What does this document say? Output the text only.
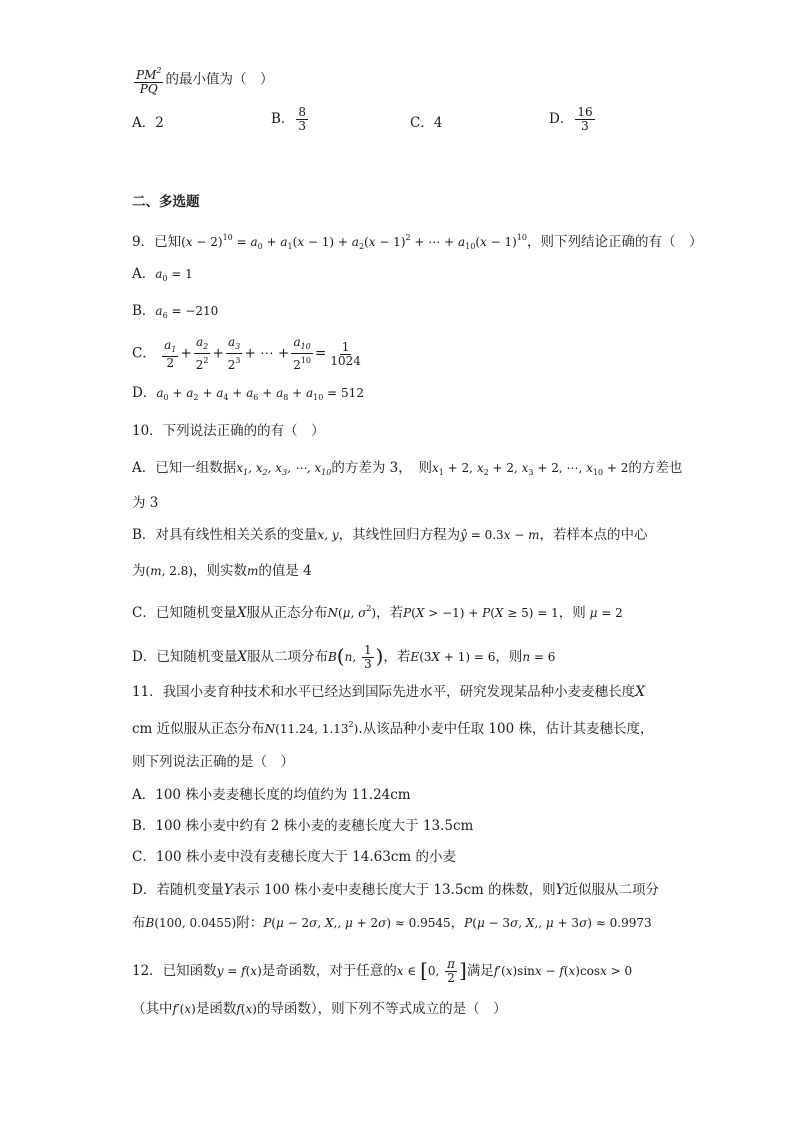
$\frac{PM^2}{PQ}$ 的最小值为（　）
A．2	B． $\frac{8}{3}$	C．4	D． $\frac{16}{3}$
二、多选题
9．已知$(x - 2)^{10} = a_0 + a_1(x - 1) + a_2(x - 1)^2$ + ⋯ + $a_{10}(x - 1)^{10}$，则下列结论正确的有（　）
A．$a_0 = 1$
B．$a_6 = -210$
C． $\frac{a_1}{2} + \frac{a_2}{2^2} + \frac{a_3}{2^3}$ + ⋯ + $\frac{a_{10}}{2^{10}} = \frac{1}{1024}$
D．$a_0 + a_2 + a_4 + a_6 + a_8 + a_{10} = 512$
10．下列说法正确的的有（　）
A．已知一组数据$x_1$, $x_2$, $x_3$, ⋯, $x_{10}$的方差为 3，　则$x_1 + 2$, $x_2 + 2$, $x_3 + 2$, ⋯, $x_{10} + 2$的方差也
为 3
B．对具有线性相关关系的变量x, y，其线性回归方程为ŷ = 0.3x − m，若样本点的中心
为(m, 2.8)，则实数m的值是 4
C．已知随机变量X服从正态分布N(μ, $\sigma^2$)，若P(X > −1) + P(X ≥ 5) = 1，则 μ = 2
D．已知随机变量X服从二项分布B(n, $\frac{1}{3}$ )，若E(3X + 1) = 6，则n = 6
11．我国小麦育种技术和水平已经达到国际先进水平，研究发现某品种小麦麦穗长度X
cm 近似服从正态分布N(11.24, 1.13$^2$).从该品种小麦中任取 100 株，估计其麦穗长度，
则下列说法正确的是（　）
A．100 株小麦麦穗长度的均值约为 11.24cm
B．100 株小麦中约有 2 株小麦的麦穗长度大于 13.5cm
C．100 株小麦中没有麦穗长度大于 14.63cm 的小麦
D．若随机变量Y表示 100 株小麦中麦穗长度大于 13.5cm 的株数，则Y近似服从二项分
布B(100, 0.0455)附：P(μ − 2σ, X,, μ + 2σ) ≈ 0.9545，P(μ − 3σ, X,, μ + 3σ) ≈ 0.9973
12．已知函数y = f(x)是奇函数，对于任意的x ∈ [0, $\frac{\pi}{2}$ ]满足f′(x)sinx − f(x)cosx > 0
（其中f′(x)是函数f(x)的导函数），则下列不等式成立的是（　）
